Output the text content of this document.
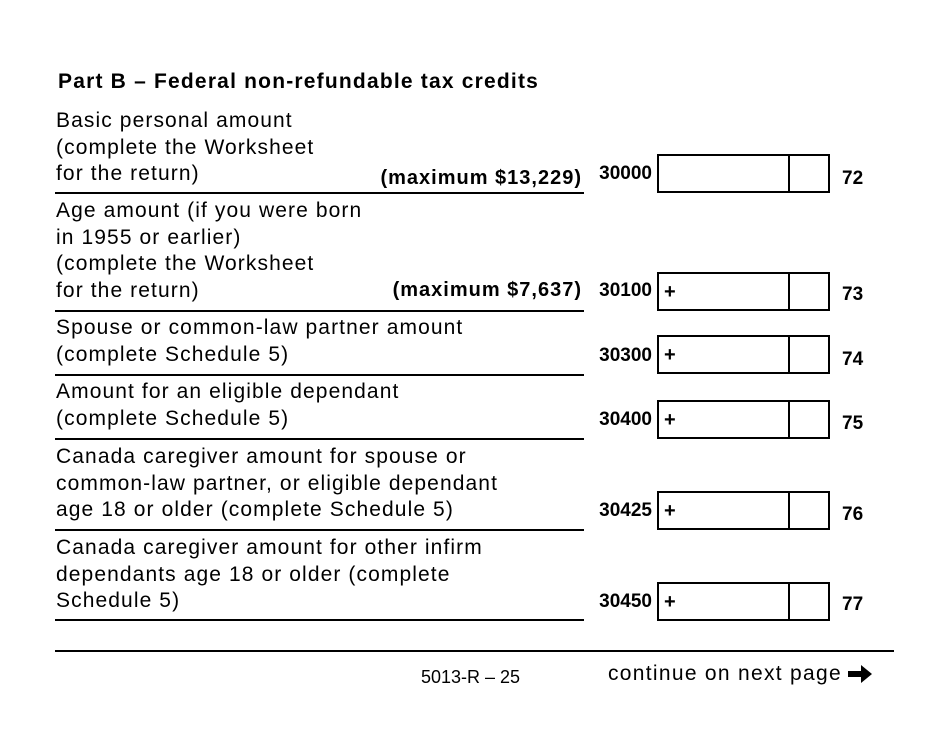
Part B – Federal non-refundable tax credits
Basic personal amount
(complete the Worksheet
for the return)	(maximum $13,229) 30000	72
Age amount (if you were born
in 1955 or earlier)
(complete the Worksheet
for the return)	(maximum $7,637) 30100 +	73
Spouse or common-law partner amount
(complete Schedule 5)	30300 +	74
Amount for an eligible dependant
(complete Schedule 5)	30400 +	75
Canada caregiver amount for spouse or
common-law partner, or eligible dependant
age 18 or older (complete Schedule 5)	30425 +	76
Canada caregiver amount for other infirm
dependants age 18 or older (complete
Schedule 5)	30450 +	77
5013-R – 25	continue on next page
